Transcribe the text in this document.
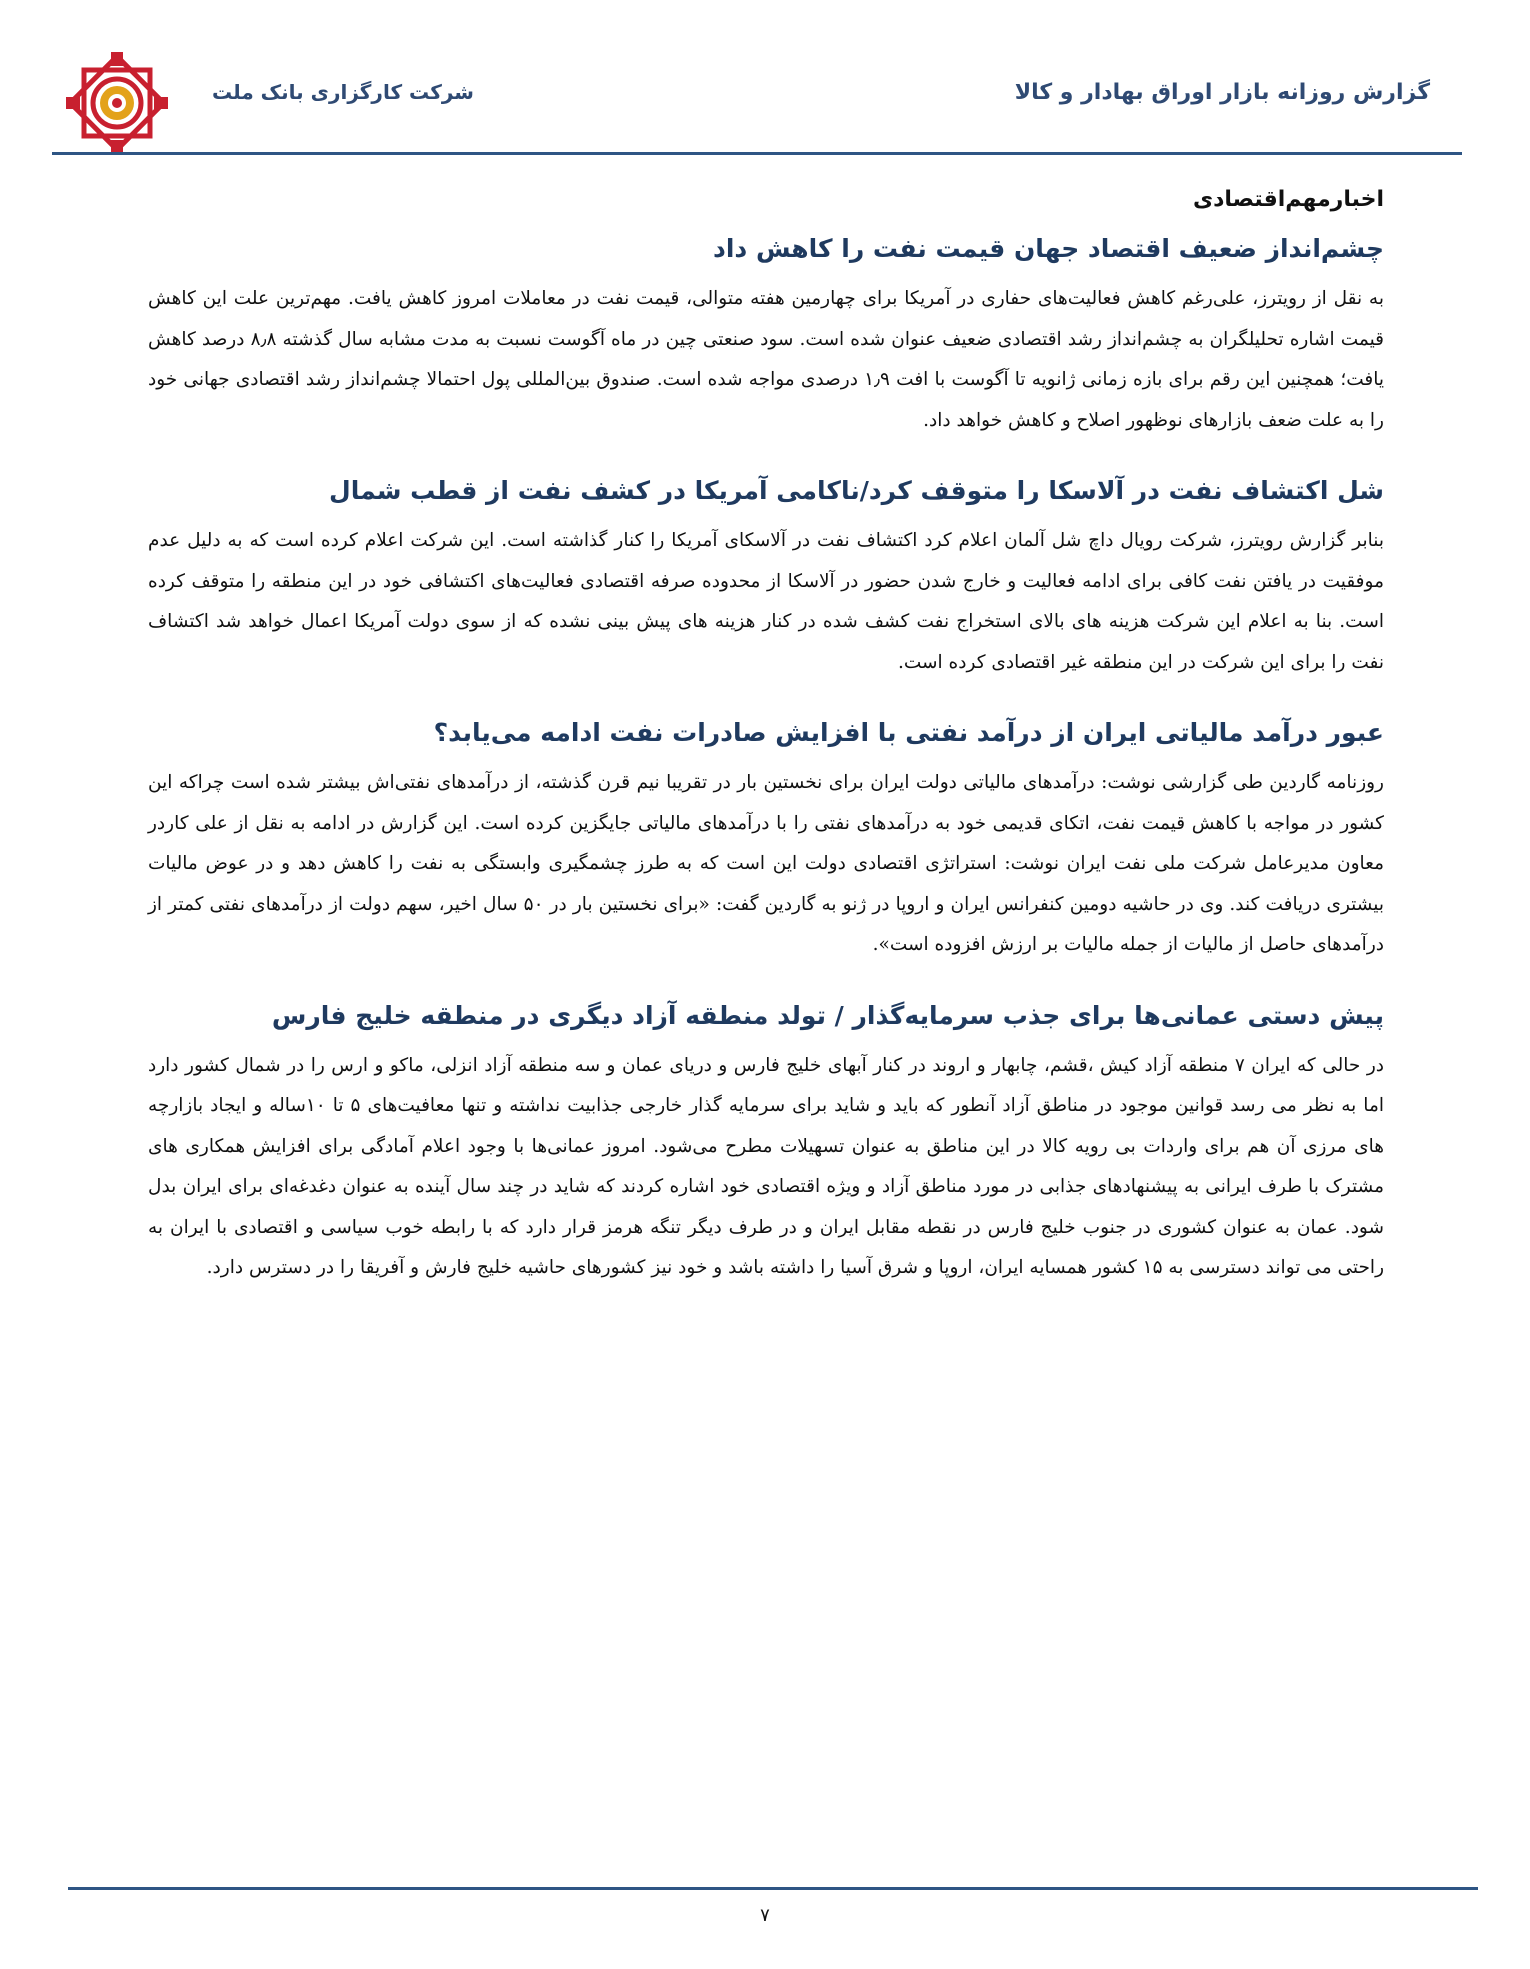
گزارش روزانه بازار اوراق بهادار و کالا

شرکت کارگزاری بانک ملت

اخبارمهم‌اقتصادی

چشم‌انداز ضعیف اقتصاد جهان قیمت نفت را کاهش داد

به نقل از رویترز، علی‌رغم کاهش فعالیت‌های حفاری در آمریکا برای چهارمین هفته متوالی، قیمت نفت در معاملات امروز کاهش یافت. مهم‌ترین علت این کاهش قیمت اشاره تحلیلگران به چشم‌انداز رشد اقتصادی ضعیف عنوان شده است. سود صنعتی چین در ماه آگوست نسبت به مدت مشابه سال گذشته ۸٫۸ درصد کاهش یافت؛ همچنین این رقم برای بازه زمانی ژانویه تا آگوست با افت ۱٫۹ درصدی مواجه شده است. صندوق بین‌المللی پول احتمالا چشم‌انداز رشد اقتصادی جهانی خود را به علت ضعف بازارهای نوظهور اصلاح و کاهش خواهد داد.

شل اکتشاف نفت در آلاسکا را متوقف کرد/ناکامی آمریکا در کشف نفت از قطب شمال

بنابر گزارش رویترز، شرکت رویال داچ شل آلمان اعلام کرد اکتشاف نفت در آلاسکای آمریکا را کنار گذاشته است. این شرکت اعلام کرده است که به دلیل عدم موفقیت در یافتن نفت کافی برای ادامه فعالیت و خارج شدن حضور در آلاسکا از محدوده صرفه اقتصادی فعالیت‌های اکتشافی خود در این منطقه را متوقف کرده است. بنا به اعلام این شرکت هزینه های بالای استخراج نفت کشف شده در کنار هزینه های پیش بینی نشده که از سوی دولت آمریکا اعمال خواهد شد اکتشاف نفت را برای این شرکت در این منطقه غیر اقتصادی کرده است.

عبور درآمد مالیاتی ایران از درآمد نفتی با افزایش صادرات نفت ادامه می‌یابد؟

روزنامه گاردین طی گزارشی نوشت: درآمدهای مالیاتی دولت ایران برای نخستین بار در تقریبا نیم قرن گذشته، از درآمدهای نفتی‌اش بیشتر شده است چراکه این کشور در مواجه با کاهش قیمت نفت، اتکای قدیمی خود به درآمدهای نفتی را با درآمدهای مالیاتی جایگزین کرده است. این گزارش در ادامه به نقل از علی کاردر معاون مدیرعامل شرکت ملی نفت ایران نوشت: استراتژی اقتصادی دولت این است که به طرز چشمگیری وابستگی به نفت را کاهش دهد و در عوض مالیات بیشتری دریافت کند. وی در حاشیه دومین کنفرانس ایران و اروپا در ژنو به گاردین گفت: «برای نخستین بار در ۵۰ سال اخیر، سهم دولت از درآمدهای نفتی کمتر از درآمدهای حاصل از مالیات از جمله مالیات بر ارزش افزوده است».

پیش دستی عمانی‌ها برای جذب سرمایه‌گذار / تولد منطقه آزاد دیگری در منطقه خلیج فارس

در حالی که ایران ۷ منطقه آزاد کیش ،قشم، چابهار و اروند در کنار آبهای خلیج فارس و دریای عمان و سه منطقه آزاد انزلی، ماکو و ارس را در شمال کشور دارد اما به نظر می رسد قوانین موجود در مناطق آزاد آنطور که باید و شاید برای سرمایه گذار خارجی جذابیت نداشته و تنها معافیت‌های ۵ تا ۱۰ساله و ایجاد بازارچه های مرزی آن هم برای واردات بی رویه کالا در این مناطق به عنوان تسهیلات مطرح می‌شود. امروز عمانی‌ها با وجود اعلام آمادگی برای افزایش همکاری های مشترک با طرف ایرانی به پیشنهادهای جذابی در مورد مناطق آزاد و ویژه اقتصادی خود اشاره کردند که شاید در چند سال آینده به عنوان دغدغه‌ای برای ایران بدل شود. عمان به عنوان کشوری در جنوب خلیج فارس در نقطه مقابل ایران و در طرف دیگر تنگه هرمز قرار دارد که با رابطه خوب سیاسی و اقتصادی با ایران به راحتی می تواند دسترسی به ۱۵ کشور همسایه ایران، اروپا و شرق آسیا را داشته باشد و خود نیز کشورهای حاشیه خلیج فارش و آفریقا را در دسترس دارد.

۷
